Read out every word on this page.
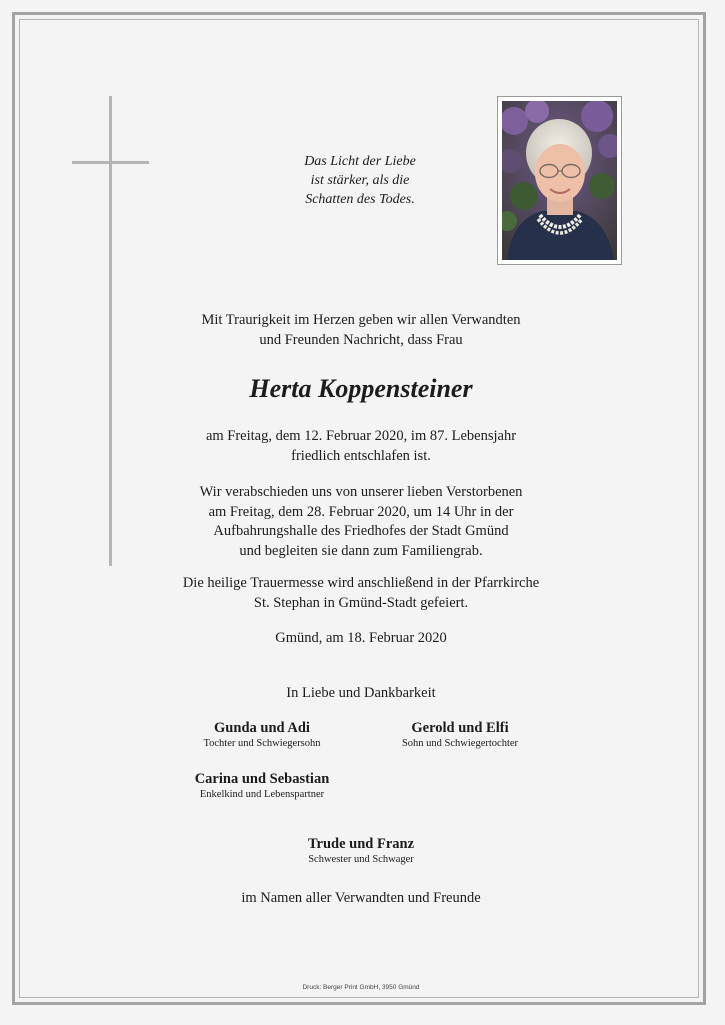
Das Licht der Liebe
ist stärker, als die
Schatten des Todes.
Mit Traurigkeit im Herzen geben wir allen Verwandten
und Freunden Nachricht, dass Frau
Herta Koppensteiner
am Freitag, dem 12. Februar 2020, im 87. Lebensjahr
friedlich entschlafen ist.
Wir verabschieden uns von unserer lieben Verstorbenen
am Freitag, dem 28. Februar 2020, um 14 Uhr in der
Aufbahrungshalle des Friedhofes der Stadt Gmünd
und begleiten sie dann zum Familiengrab.
Die heilige Trauermesse wird anschließend in der Pfarrkirche
St. Stephan in Gmünd-Stadt gefeiert.
Gmünd, am 18. Februar 2020
In Liebe und Dankbarkeit
Gunda und Adi
Tochter und Schwiegersohn
Gerold und Elfi
Sohn und Schwiegertochter
Carina und Sebastian
Enkelkind und Lebenspartner
Trude und Franz
Schwester und Schwager
im Namen aller Verwandten und Freunde
Druck: Berger Print GmbH, 3950 Gmünd
